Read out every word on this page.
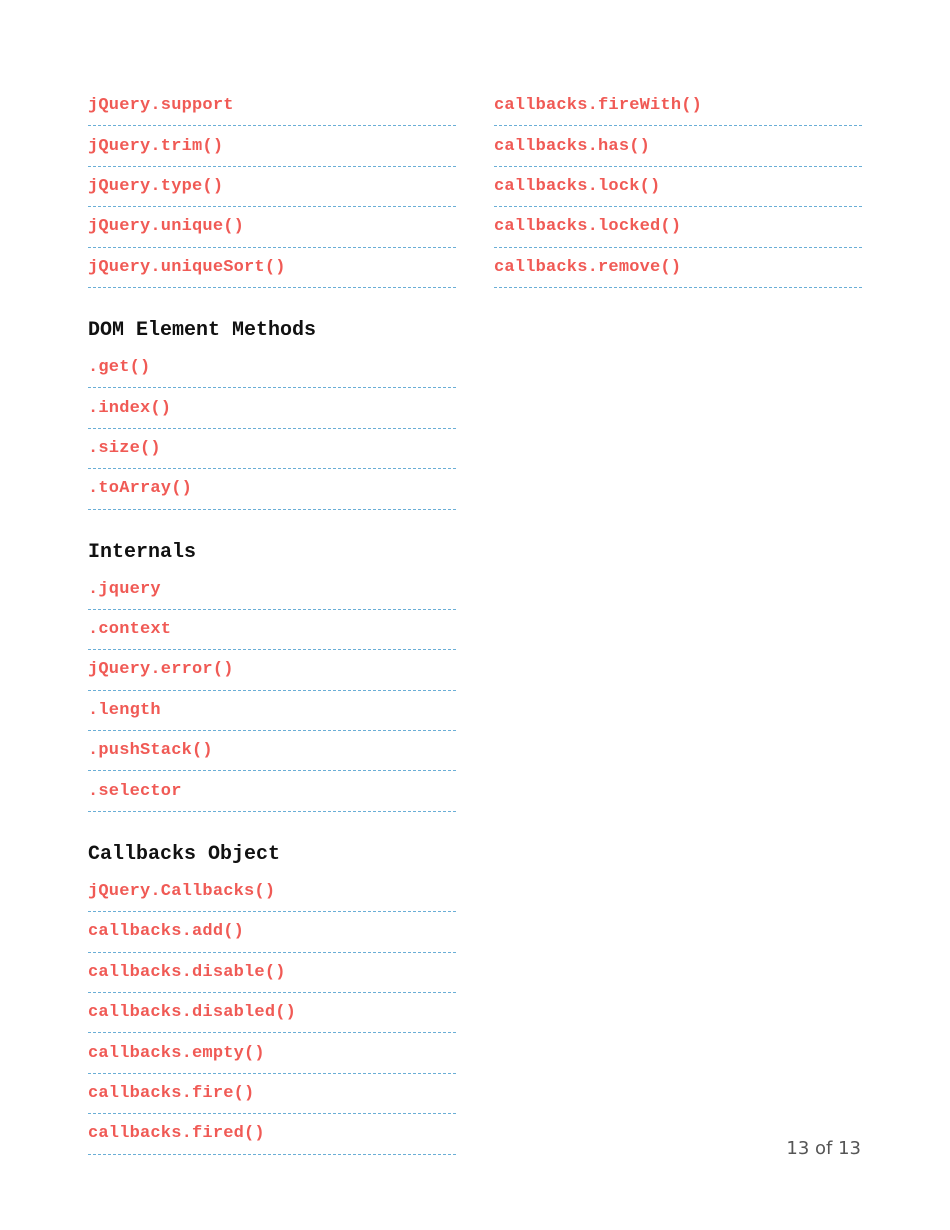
jQuery.support
jQuery.trim()
jQuery.type()
jQuery.unique()
jQuery.uniqueSort()
DOM Element Methods
.get()
.index()
.size()
.toArray()
Internals
.jquery
.context
jQuery.error()
.length
.pushStack()
.selector
Callbacks Object
jQuery.Callbacks()
callbacks.add()
callbacks.disable()
callbacks.disabled()
callbacks.empty()
callbacks.fire()
callbacks.fired()
callbacks.fireWith()
callbacks.has()
callbacks.lock()
callbacks.locked()
callbacks.remove()
13 of 13
